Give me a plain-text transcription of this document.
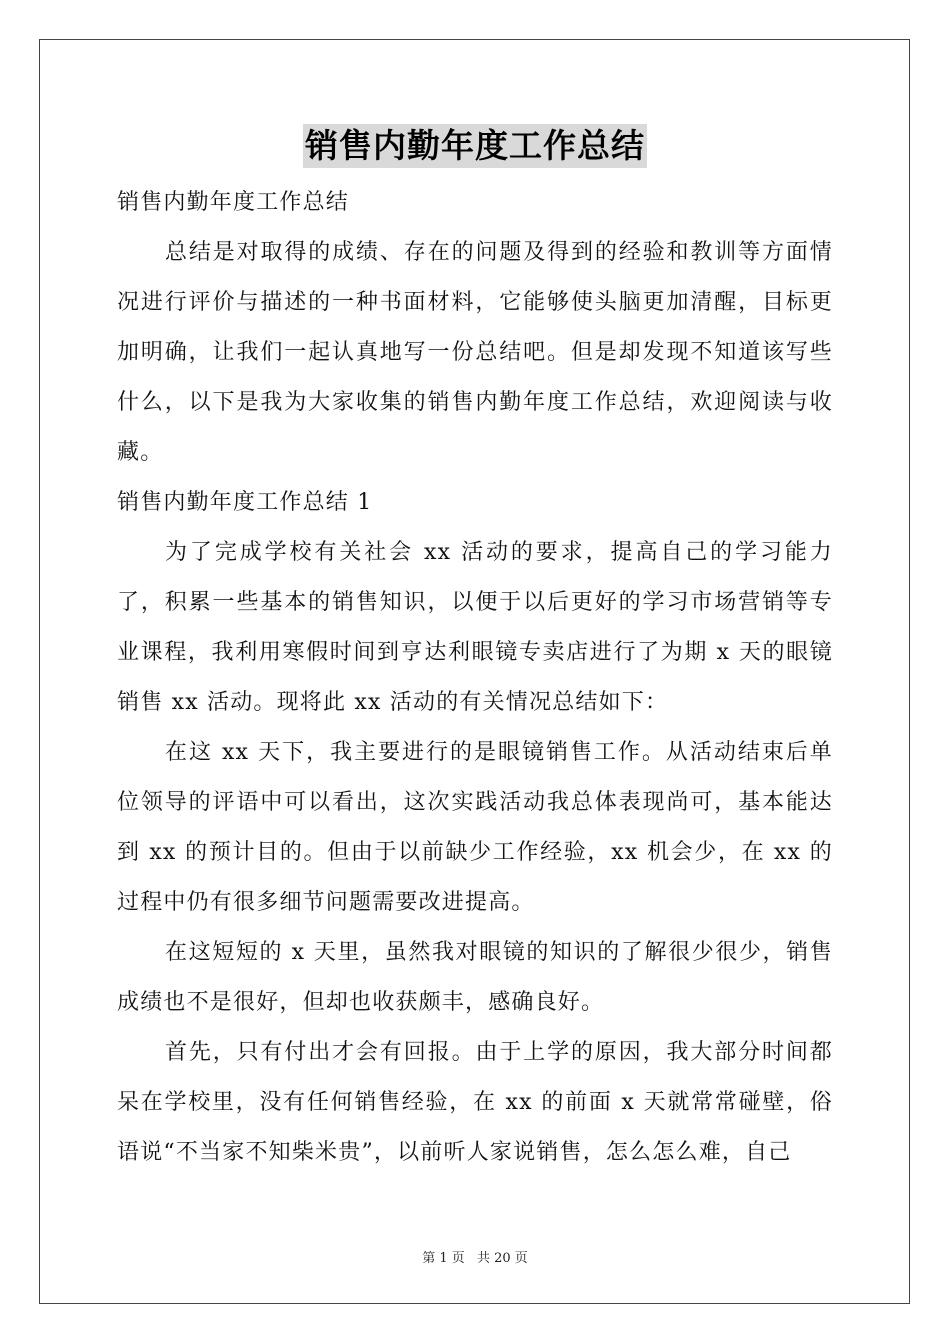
销售内勤年度工作总结

销售内勤年度工作总结

总结是对取得的成绩、存在的问题及得到的经验和教训等方面情况进行评价与描述的一种书面材料，它能够使头脑更加清醒，目标更加明确，让我们一起认真地写一份总结吧。但是却发现不知道该写些什么，以下是我为大家收集的销售内勤年度工作总结，欢迎阅读与收藏。

销售内勤年度工作总结 1

为了完成学校有关社会 xx 活动的要求，提高自己的学习能力了，积累一些基本的销售知识，以便于以后更好的学习市场营销等专业课程，我利用寒假时间到亨达利眼镜专卖店进行了为期 x 天的眼镜销售 xx 活动。现将此 xx 活动的有关情况总结如下：

在这 xx 天下，我主要进行的是眼镜销售工作。从活动结束后单位领导的评语中可以看出，这次实践活动我总体表现尚可，基本能达到 xx 的预计目的。但由于以前缺少工作经验，xx 机会少，在 xx 的过程中仍有很多细节问题需要改进提高。

在这短短的 x 天里，虽然我对眼镜的知识的了解很少很少，销售成绩也不是很好，但却也收获颇丰，感确良好。

首先，只有付出才会有回报。由于上学的原因，我大部分时间都呆在学校里，没有任何销售经验，在 xx 的前面 x 天就常常碰壁，俗语说“不当家不知柴米贵”，以前听人家说销售，怎么怎么难，自己

第 1 页 共 20 页
